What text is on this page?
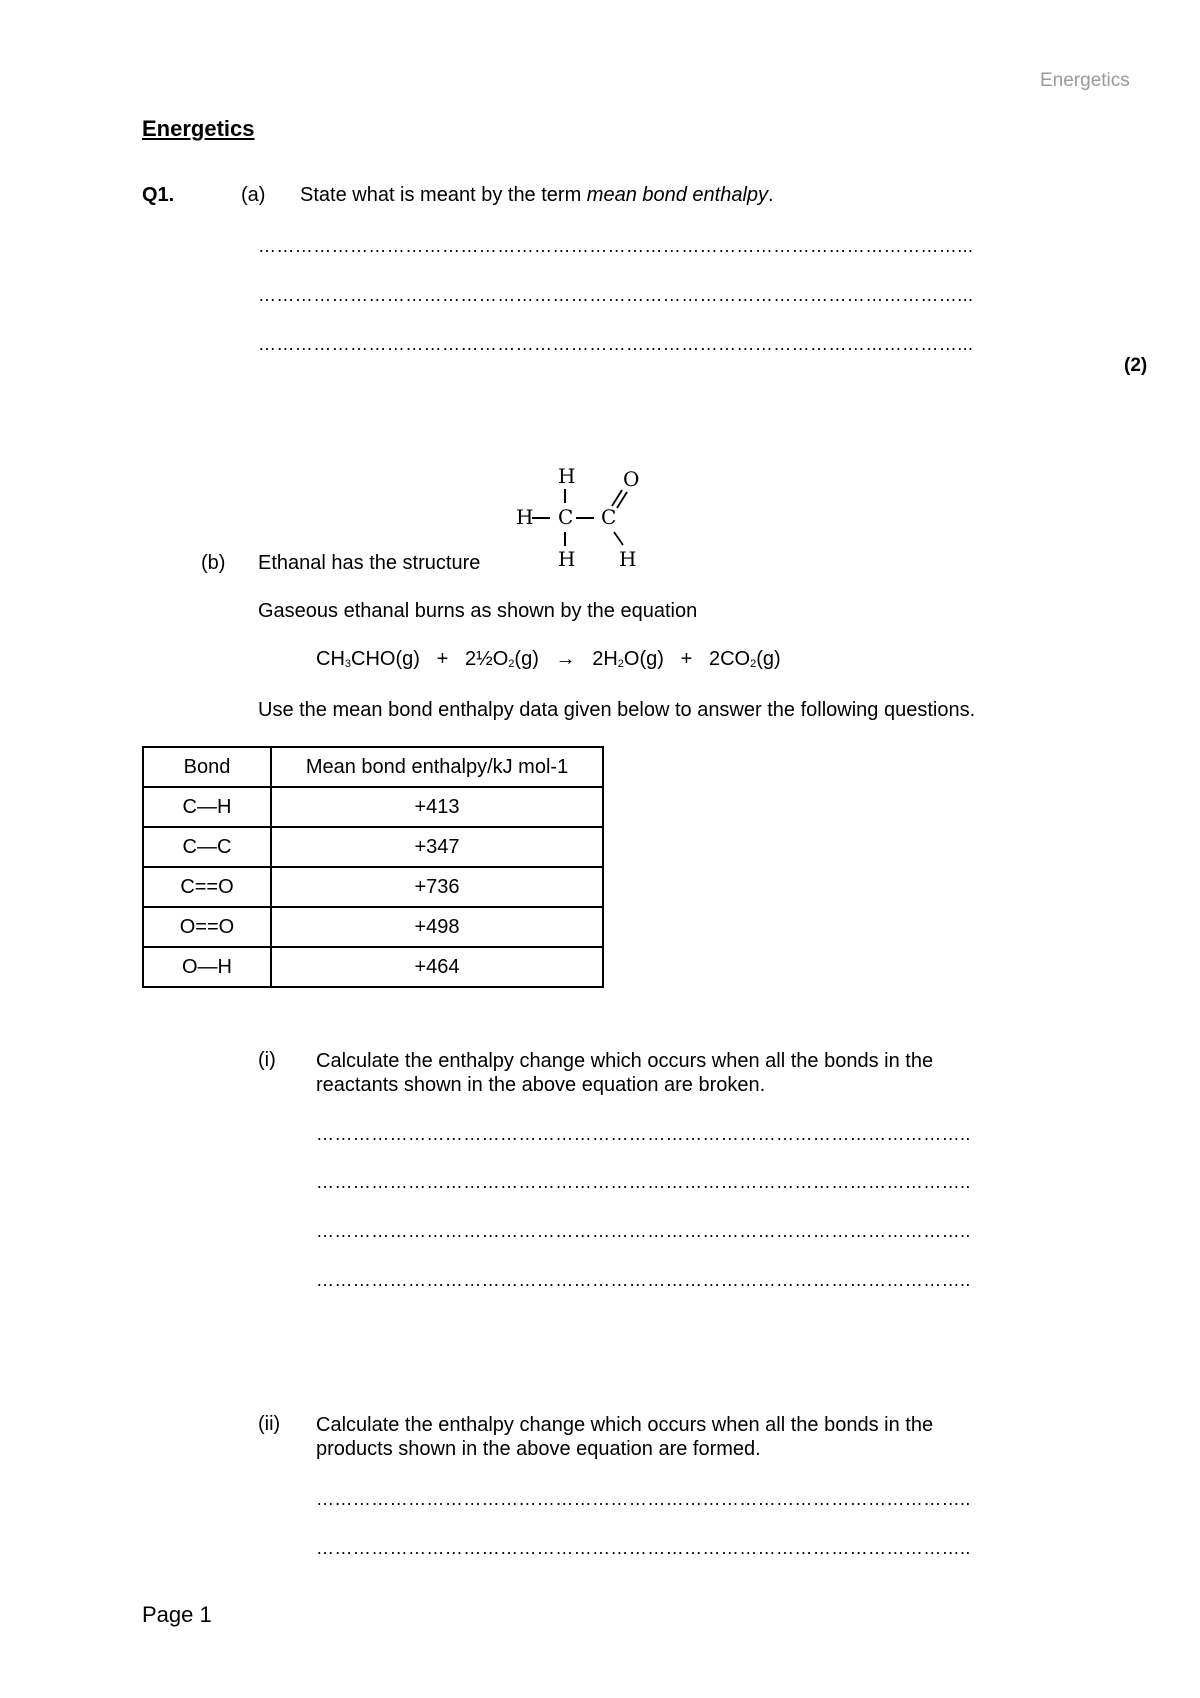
Energetics
Energetics
Q1.	(a) State what is meant by the term mean bond enthalpy.
……………………………………………………………………………………………………...
……………………………………………………………………………………………………...
……………………………………………………………………………………………………...
(2)
H O
H C C
H H
(b) Ethanal has the structure
Gaseous ethanal burns as shown by the equation
$CH_3CHO(g)$ + $2\frac{1}{2}O_2(g) \to 2H_2O(g) + 2CO_2(g)$
Use the mean bond enthalpy data given below to answer the following questions.
Bond	Mean bond enthalpy/kJ mol-1
C—H	+413
C—C	+347
C==O	+736
O==O	+498
O—H	+464
(i) Calculate the enthalpy change which occurs when all the bonds in the
reactants shown in the above equation are broken.
……………………………………………………………………………………………..
……………………………………………………………………………………………..
……………………………………………………………………………………………..
……………………………………………………………………………………………..
(ii) Calculate the enthalpy change which occurs when all the bonds in the
products shown in the above equation are formed.
……………………………………………………………………………………………..
……………………………………………………………………………………………..
Page 1
